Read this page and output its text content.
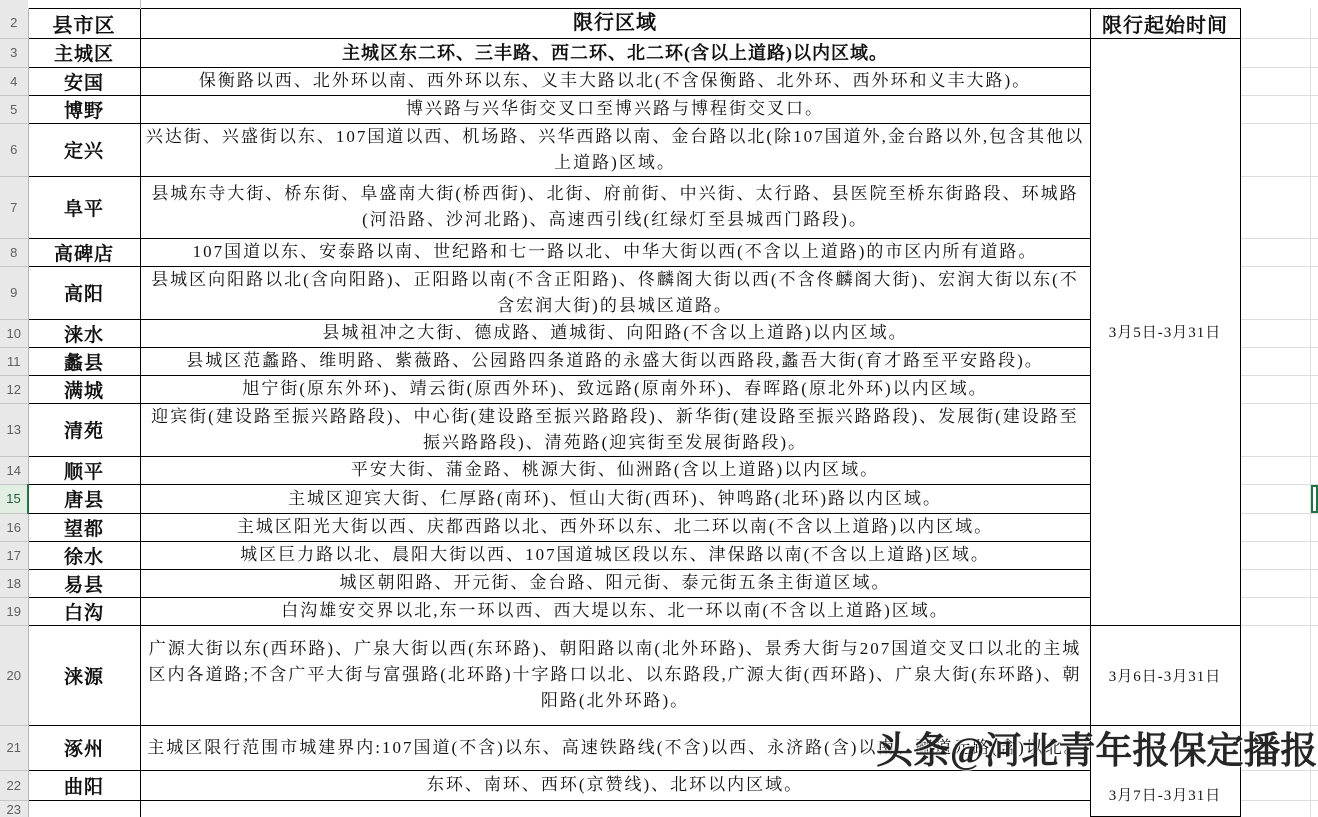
2	县市区	限行区域	限行起始时间		
3	主城区	主城区东二环、三丰路、西二环、北二环(含以上道路)以内区域。	3月5日-3月31日		
4	安国	保衡路以西、北外环以南、西外环以东、义丰大路以北(不含保衡路、北外环、西外环和义丰大路)。			
5	博野	博兴路与兴华街交叉口至博兴路与博程街交叉口。			
6	定兴	兴达街、兴盛街以东、107国道以西、机场路、兴华西路以南、金台路以北(除107国道外,金台路以外,包含其他以上道路)区域。			
7	阜平	县城东寺大街、桥东街、阜盛南大街(桥西街)、北街、府前街、中兴街、太行路、县医院至桥东街路段、环城路(河沿路、沙河北路)、高速西引线(红绿灯至县城西门路段)。			
8	高碑店	107国道以东、安泰路以南、世纪路和七一路以北、中华大街以西(不含以上道路)的市区内所有道路。			
9	高阳	县城区向阳路以北(含向阳路)、正阳路以南(不含正阳路)、佟麟阁大街以西(不含佟麟阁大街)、宏润大街以东(不含宏润大街)的县城区道路。			
10	涞水	县城祖冲之大街、德成路、遒城街、向阳路(不含以上道路)以内区域。			
11	蠡县	县城区范蠡路、维明路、紫薇路、公园路四条道路的永盛大街以西路段,蠡吾大街(育才路至平安路段)。			
12	满城	旭宁街(原东外环)、靖云街(原西外环)、致远路(原南外环)、春晖路(原北外环)以内区域。			
13	清苑	迎宾街(建设路至振兴路路段)、中心街(建设路至振兴路路段)、新华街(建设路至振兴路路段)、发展街(建设路至振兴路路段)、清苑路(迎宾街至发展街路段)。			
14	顺平	平安大街、蒲金路、桃源大街、仙洲路(含以上道路)以内区域。			
15	唐县	主城区迎宾大街、仁厚路(南环)、恒山大街(西环)、钟鸣路(北环)路以内区域。			
16	望都	主城区阳光大街以西、庆都西路以北、西外环以东、北二环以南(不含以上道路)以内区域。			
17	徐水	城区巨力路以北、晨阳大街以西、107国道城区段以东、津保路以南(不含以上道路)区域。			
18	易县	城区朝阳路、开元街、金台路、阳元街、泰元街五条主街道区域。			
19	白沟	白沟雄安交界以北,东一环以西、西大堤以东、北一环以南(不含以上道路)区域。			
20	涞源	广源大街以东(西环路)、广泉大街以西(东环路)、朝阳路以南(北外环路)、景秀大街与207国道交叉口以北的主城区内各道路;不含广平大街与富强路(北环路)十字路口以北、以东路段,广源大街(西环路)、广泉大街(东环路)、朝阳路(北外环路)。	3月6日-3月31日		
21	涿州	主城区限行范围市城建界内:107国道(不含)以东、高速铁路线(不含)以西、永济路(含)以南、郦道元路(含)以北。	3月7日-3月31日		
22	曲阳	东环、南环、西环(京赞线)、北环以内区域。			
23					
头条@河北青年报保定播报
